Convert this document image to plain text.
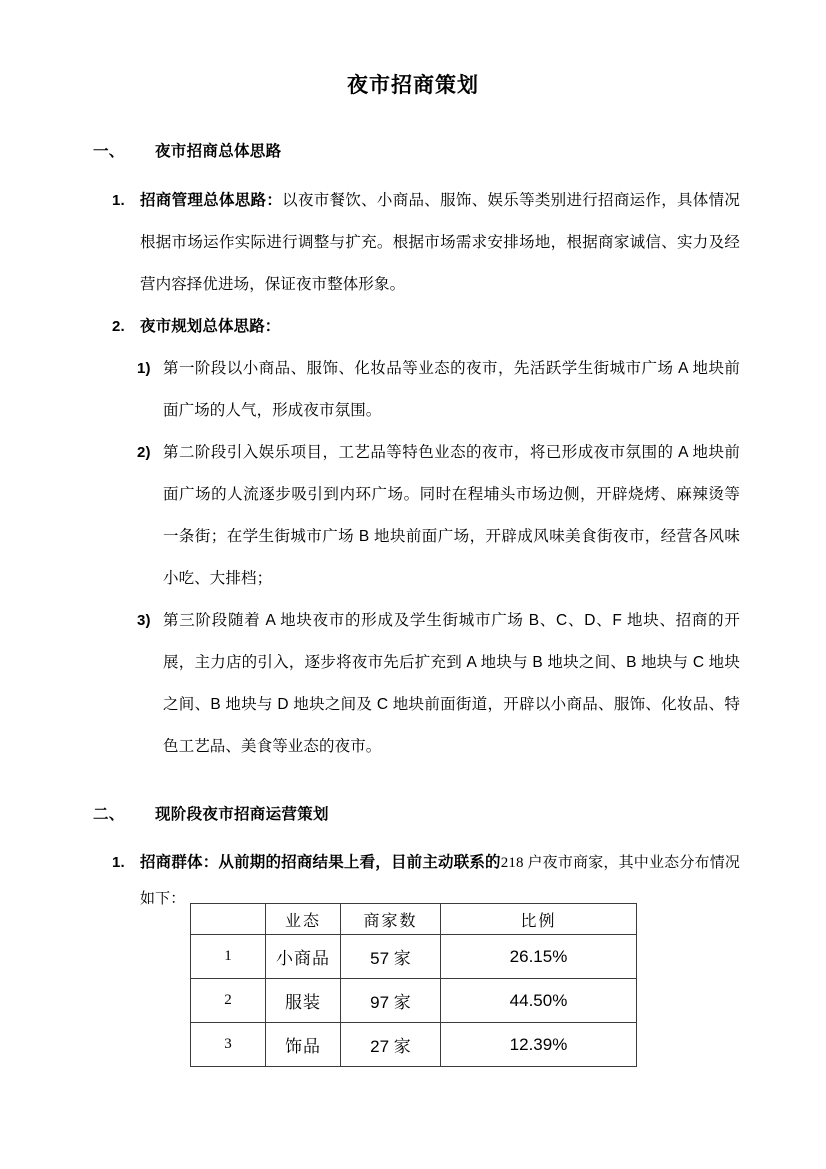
夜市招商策划
一、 夜市招商总体思路
1. 招商管理总体思路：以夜市餐饮、小商品、服饰、娱乐等类别进行招商运作，具体情况根据市场运作实际进行调整与扩充。根据市场需求安排场地，根据商家诚信、实力及经营内容择优进场，保证夜市整体形象。
2. 夜市规划总体思路：
1) 第一阶段以小商品、服饰、化妆品等业态的夜市，先活跃学生街城市广场 A 地块前面广场的人气，形成夜市氛围。
2) 第二阶段引入娱乐项目，工艺品等特色业态的夜市，将已形成夜市氛围的 A 地块前面广场的人流逐步吸引到内环广场。同时在程埔头市场边侧，开辟烧烤、麻辣烫等一条街；在学生街城市广场 B 地块前面广场，开辟成风味美食街夜市，经营各风味小吃、大排档；
3) 第三阶段随着 A 地块夜市的形成及学生街城市广场 B、C、D、F 地块、招商的开展，主力店的引入，逐步将夜市先后扩充到 A 地块与 B 地块之间、B 地块与 C 地块之间、B 地块与 D 地块之间及 C 地块前面街道，开辟以小商品、服饰、化妆品、特色工艺品、美食等业态的夜市。
二、 现阶段夜市招商运营策划
1. 招商群体：从前期的招商结果上看，目前主动联系的218 户夜市商家，其中业态分布情况如下：
	业态	商家数	比例
1	小商品	57 家	26.15%
2	服装	97 家	44.50%
3	饰品	27 家	12.39%
